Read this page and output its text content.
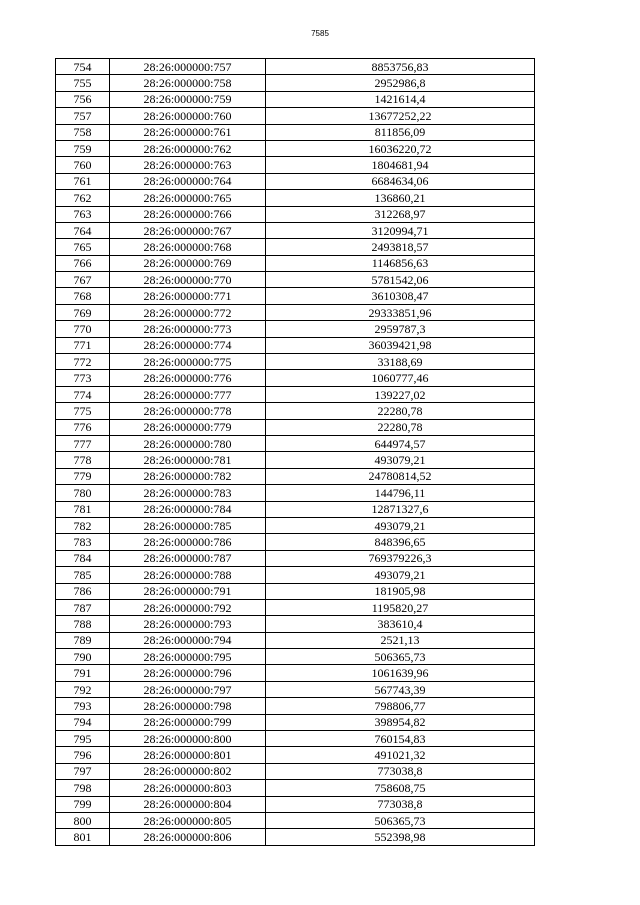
7585
754	28:26:000000:757	8853756,83
755	28:26:000000:758	2952986,8
756	28:26:000000:759	1421614,4
757	28:26:000000:760	13677252,22
758	28:26:000000:761	811856,09
759	28:26:000000:762	16036220,72
760	28:26:000000:763	1804681,94
761	28:26:000000:764	6684634,06
762	28:26:000000:765	136860,21
763	28:26:000000:766	312268,97
764	28:26:000000:767	3120994,71
765	28:26:000000:768	2493818,57
766	28:26:000000:769	1146856,63
767	28:26:000000:770	5781542,06
768	28:26:000000:771	3610308,47
769	28:26:000000:772	29333851,96
770	28:26:000000:773	2959787,3
771	28:26:000000:774	36039421,98
772	28:26:000000:775	33188,69
773	28:26:000000:776	1060777,46
774	28:26:000000:777	139227,02
775	28:26:000000:778	22280,78
776	28:26:000000:779	22280,78
777	28:26:000000:780	644974,57
778	28:26:000000:781	493079,21
779	28:26:000000:782	24780814,52
780	28:26:000000:783	144796,11
781	28:26:000000:784	12871327,6
782	28:26:000000:785	493079,21
783	28:26:000000:786	848396,65
784	28:26:000000:787	769379226,3
785	28:26:000000:788	493079,21
786	28:26:000000:791	181905,98
787	28:26:000000:792	1195820,27
788	28:26:000000:793	383610,4
789	28:26:000000:794	2521,13
790	28:26:000000:795	506365,73
791	28:26:000000:796	1061639,96
792	28:26:000000:797	567743,39
793	28:26:000000:798	798806,77
794	28:26:000000:799	398954,82
795	28:26:000000:800	760154,83
796	28:26:000000:801	491021,32
797	28:26:000000:802	773038,8
798	28:26:000000:803	758608,75
799	28:26:000000:804	773038,8
800	28:26:000000:805	506365,73
801	28:26:000000:806	552398,98
